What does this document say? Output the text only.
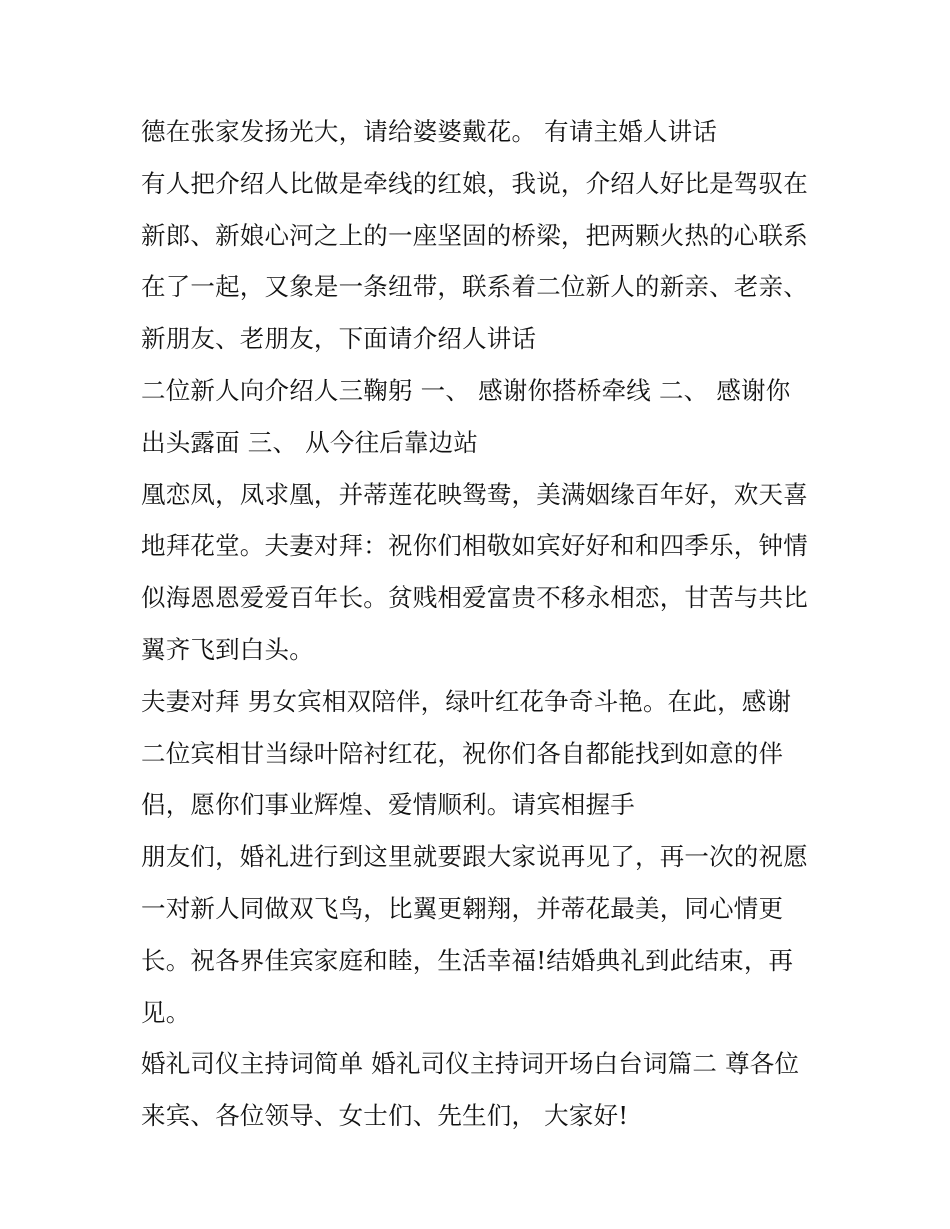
德在张家发扬光大，请给婆婆戴花。 有请主婚人讲话
有人把介绍人比做是牵线的红娘，我说，介绍人好比是驾驭在
新郎、新娘心河之上的一座坚固的桥梁，把两颗火热的心联系
在了一起，又象是一条纽带，联系着二位新人的新亲、老亲、
新朋友、老朋友，下面请介绍人讲话
二位新人向介绍人三鞠躬 一、 感谢你搭桥牵线 二、 感谢你
出头露面 三、 从今往后靠边站
凰恋凤，凤求凰，并蒂莲花映鸳鸯，美满姻缘百年好，欢天喜
地拜花堂。夫妻对拜：祝你们相敬如宾好好和和四季乐，钟情
似海恩恩爱爱百年长。贫贱相爱富贵不移永相恋，甘苦与共比
翼齐飞到白头。
夫妻对拜 男女宾相双陪伴，绿叶红花争奇斗艳。在此，感谢
二位宾相甘当绿叶陪衬红花，祝你们各自都能找到如意的伴
侣，愿你们事业辉煌、爱情顺利。请宾相握手
朋友们，婚礼进行到这里就要跟大家说再见了，再一次的祝愿
一对新人同做双飞鸟，比翼更翱翔，并蒂花最美，同心情更
长。祝各界佳宾家庭和睦，生活幸福!结婚典礼到此结束，再
见。
婚礼司仪主持词简单 婚礼司仪主持词开场白台词篇二 尊各位
来宾、各位领导、女士们、先生们， 大家好!
